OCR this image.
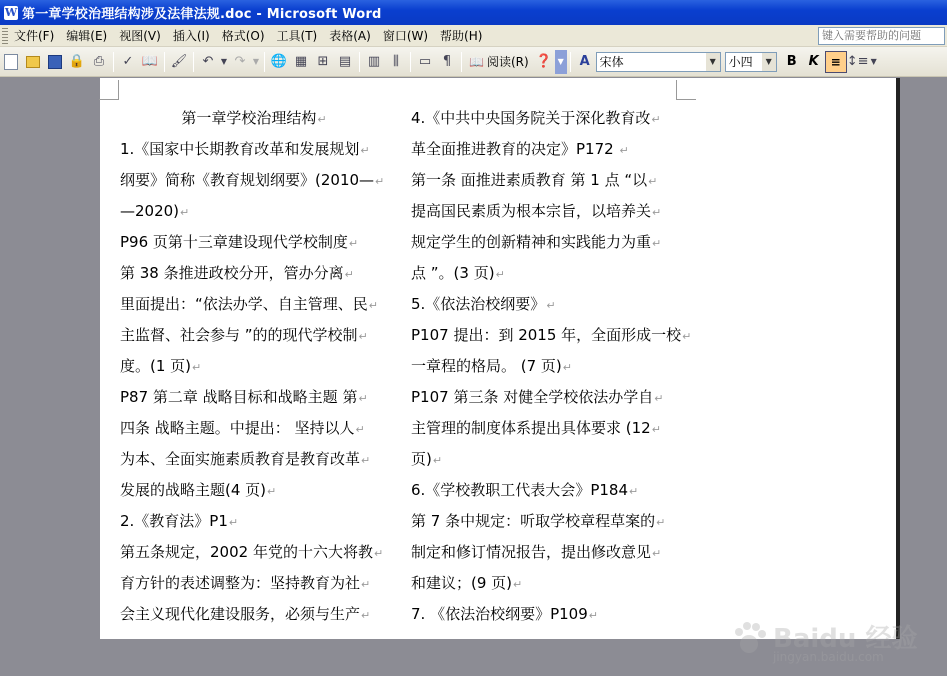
W 第一章学校治理结构涉及法律法规.doc - Microsoft Word
文件(F)	编辑(E)	视图(V)	插入(I)	格式(O)	工具(T)	表格(A)	窗口(W)	帮助(H)	键入需要帮助的问题
🔒 ⎙ ✓ 📖 🖌 ↶ ▼ ↷ ▼ 🌐 ▦ ⊞ ▤ ▥ ⫼ ▭ ¶ 📖 阅读(R) ❓ ▼ A 宋体	▼	小四	▼	B K ≡ ↕≡ ▼
第一章学校治理结构↵
1.《国家中长期教育改革和发展规划↵
纲要》简称《教育规划纲要》(2010—↵
—2020)↵
P96 页第十三章建设现代学校制度↵
第 38 条推进政校分开，管办分离↵
里面提出：“依法办学、自主管理、民↵
主监督、社会参与 ”的的现代学校制↵
度。(1 页)↵
P87 第二章 战略目标和战略主题 第↵
四条 战略主题。中提出： 坚持以人↵
为本、全面实施素质教育是教育改革↵
发展的战略主题(4 页)↵
2.《教育法》P1↵
第五条规定，2002 年党的十六大将教↵
育方针的表述调整为：坚持教育为社↵
会主义现代化建设服务，必须与生产↵
4.《中共中央国务院关于深化教育改↵
革全面推进教育的决定》P172 ↵
第一条 面推进素质教育 第 1 点 “以↵
提高国民素质为根本宗旨，以培养关↵
规定学生的创新精神和实践能力为重↵
点 ”。(3 页)↵
5.《依法治校纲要》↵
P107 提出：到 2015 年，全面形成一校↵
一章程的格局。 (7 页)↵
P107 第三条 对健全学校依法办学自↵
主管理的制度体系提出具体要求 (12↵
页)↵
6.《学校教职工代表大会》P184↵
第 7 条中规定：听取学校章程草案的↵
制定和修订情况报告，提出修改意见↵
和建议；(9 页)↵
7. 《依法治校纲要》P109↵
Baidu 经验
jingyan.baidu.com
